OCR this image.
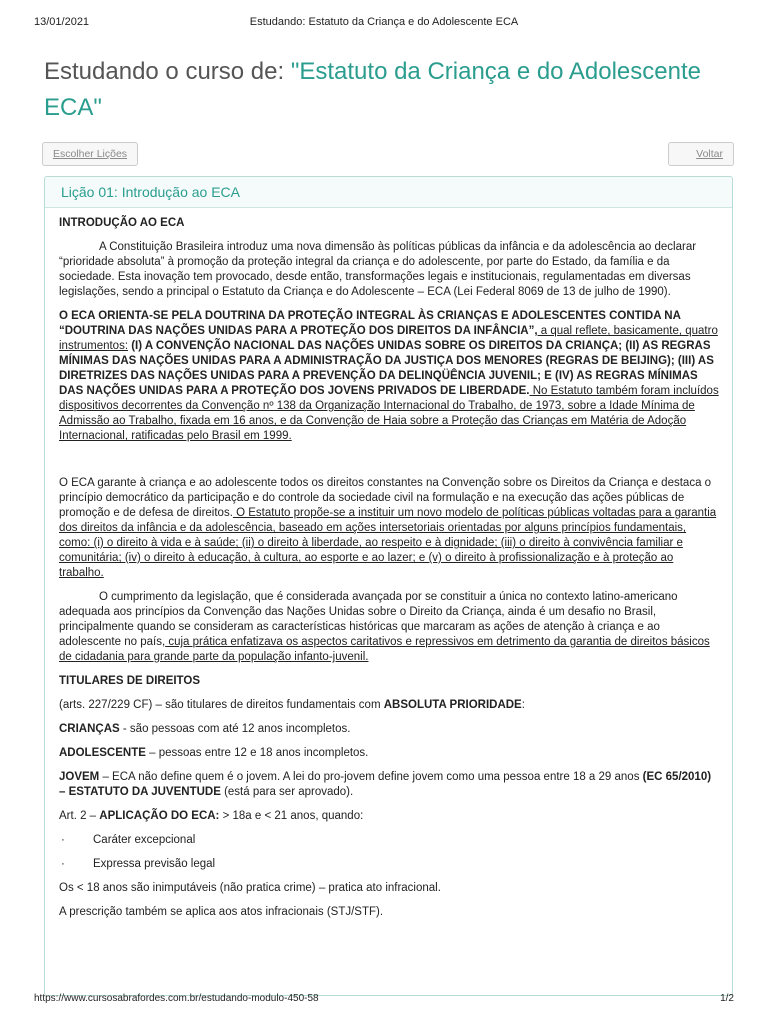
13/01/2021	Estudando: Estatuto da Criança e do Adolescente ECA
Estudando o curso de: "Estatuto da Criança e do Adolescente ECA"
Escolher Lições	Voltar
Lição 01: Introdução ao ECA

INTRODUÇÃO AO ECA

A Constituição Brasileira introduz uma nova dimensão às políticas públicas da infância e da adolescência ao declarar “prioridade absoluta” à promoção da proteção integral da criança e do adolescente, por parte do Estado, da família e da sociedade. Esta inovação tem provocado, desde então, transformações legais e institucionais, regulamentadas em diversas legislações, sendo a principal o Estatuto da Criança e do Adolescente – ECA (Lei Federal 8069 de 13 de julho de 1990).

O ECA ORIENTA-SE PELA DOUTRINA DA PROTEÇÃO INTEGRAL ÀS CRIANÇAS E ADOLESCENTES CONTIDA NA “DOUTRINA DAS NAÇÕES UNIDAS PARA A PROTEÇÃO DOS DIREITOS DA INFÂNCIA”, a qual reflete, basicamente, quatro instrumentos: (I) A CONVENÇÃO NACIONAL DAS NAÇÕES UNIDAS SOBRE OS DIREITOS DA CRIANÇA; (II) AS REGRAS MÍNIMAS DAS NAÇÕES UNIDAS PARA A ADMINISTRAÇÃO DA JUSTIÇA DOS MENORES (REGRAS DE BEIJING); (III) AS DIRETRIZES DAS NAÇÕES UNIDAS PARA A PREVENÇÃO DA DELINQÜÊNCIA JUVENIL; E (IV) AS REGRAS MÍNIMAS DAS NAÇÕES UNIDAS PARA A PROTEÇÃO DOS JOVENS PRIVADOS DE LIBERDADE. No Estatuto também foram incluídos dispositivos decorrentes da Convenção nº 138 da Organização Internacional do Trabalho, de 1973, sobre a Idade Mínima de Admissão ao Trabalho, fixada em 16 anos, e da Convenção de Haia sobre a Proteção das Crianças em Matéria de Adoção Internacional, ratificadas pelo Brasil em 1999.

O ECA garante à criança e ao adolescente todos os direitos constantes na Convenção sobre os Direitos da Criança e destaca o princípio democrático da participação e do controle da sociedade civil na formulação e na execução das ações públicas de promoção e de defesa de direitos. O Estatuto propõe-se a instituir um novo modelo de políticas públicas voltadas para a garantia dos direitos da infância e da adolescência, baseado em ações intersetoriais orientadas por alguns princípios fundamentais, como: (i) o direito à vida e à saúde; (ii) o direito à liberdade, ao respeito e à dignidade; (iii) o direito à convivência familiar e comunitária; (iv) o direito à educação, à cultura, ao esporte e ao lazer; e (v) o direito à profissionalização e à proteção ao trabalho.

O cumprimento da legislação, que é considerada avançada por se constituir a única no contexto latino-americano adequada aos princípios da Convenção das Nações Unidas sobre o Direito da Criança, ainda é um desafio no Brasil, principalmente quando se consideram as características históricas que marcaram as ações de atenção à criança e ao adolescente no país, cuja prática enfatizava os aspectos caritativos e repressivos em detrimento da garantia de direitos básicos de cidadania para grande parte da população infanto-juvenil.

TITULARES DE DIREITOS

(arts. 227/229 CF) – são titulares de direitos fundamentais com ABSOLUTA PRIORIDADE:

CRIANÇAS - são pessoas com até 12 anos incompletos.

ADOLESCENTE – pessoas entre 12 e 18 anos incompletos.

JOVEM – ECA não define quem é o jovem. A lei do pro-jovem define jovem como uma pessoa entre 18 a 29 anos (EC 65/2010) – ESTATUTO DA JUVENTUDE (está para ser aprovado).

Art. 2 – APLICAÇÃO DO ECA: > 18a e < 21 anos, quando:

· Caráter excepcional

· Expressa previsão legal

Os < 18 anos são inimputáveis (não pratica crime) – pratica ato infracional.

A prescrição também se aplica aos atos infracionais (STJ/STF).

https://www.cursosabrafordes.com.br/estudando-modulo-450-58	1/2
